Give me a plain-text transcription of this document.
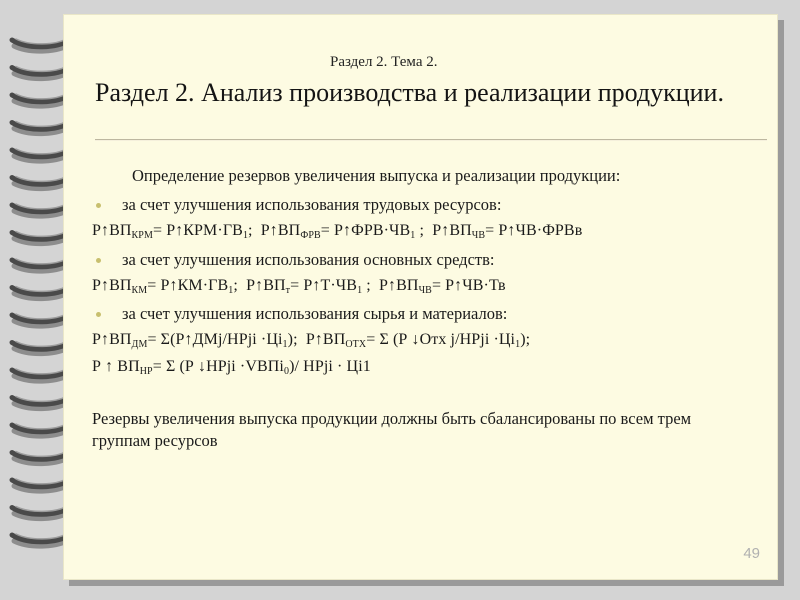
Раздел 2. Тема 2.
Раздел 2. Анализ производства и реализации продукции.
Определение резервов увеличения выпуска и реализации продукции:
за счет улучшения использования трудовых ресурсов:
$Р↑ВП_{КРМ}=$ $Р↑КРМ\cdot ГВ_1$; $Р↑ВП_{ФРВ}=$ $Р↑ФРВ\cdot ЧВ_1$ ; $Р↑ВП_{ЧВ}=$ Р↑ЧВ·ФРВв
за счет улучшения использования основных средств:
$Р↑ВП_{КМ}=$ $Р↑КМ\cdot ГВ_1$; $Р↑ВП_т=$ $Р↑Т\cdot ЧВ_1$ ; $Р↑ВП_{ЧВ}=$ Р↑ЧВ·Тв
за счет улучшения использования сырья и материалов:
$Р↑ВП_{ДМ}=$ Σ(Р↑ДМj/НРji $\cdot Цi_1$); $Р↑ВП_{ОТХ}= \Sigma$ (Р ↓Отх j/НРji $\cdot Цi_1$);
Р ↑ $ВП_{НР}= \Sigma$ (Р ↓НРji ·VВПi$_0$)/ НРji · Цi1
Резервы увеличения выпуска продукции должны быть сбалансированы по всем трем группам ресурсов
49
